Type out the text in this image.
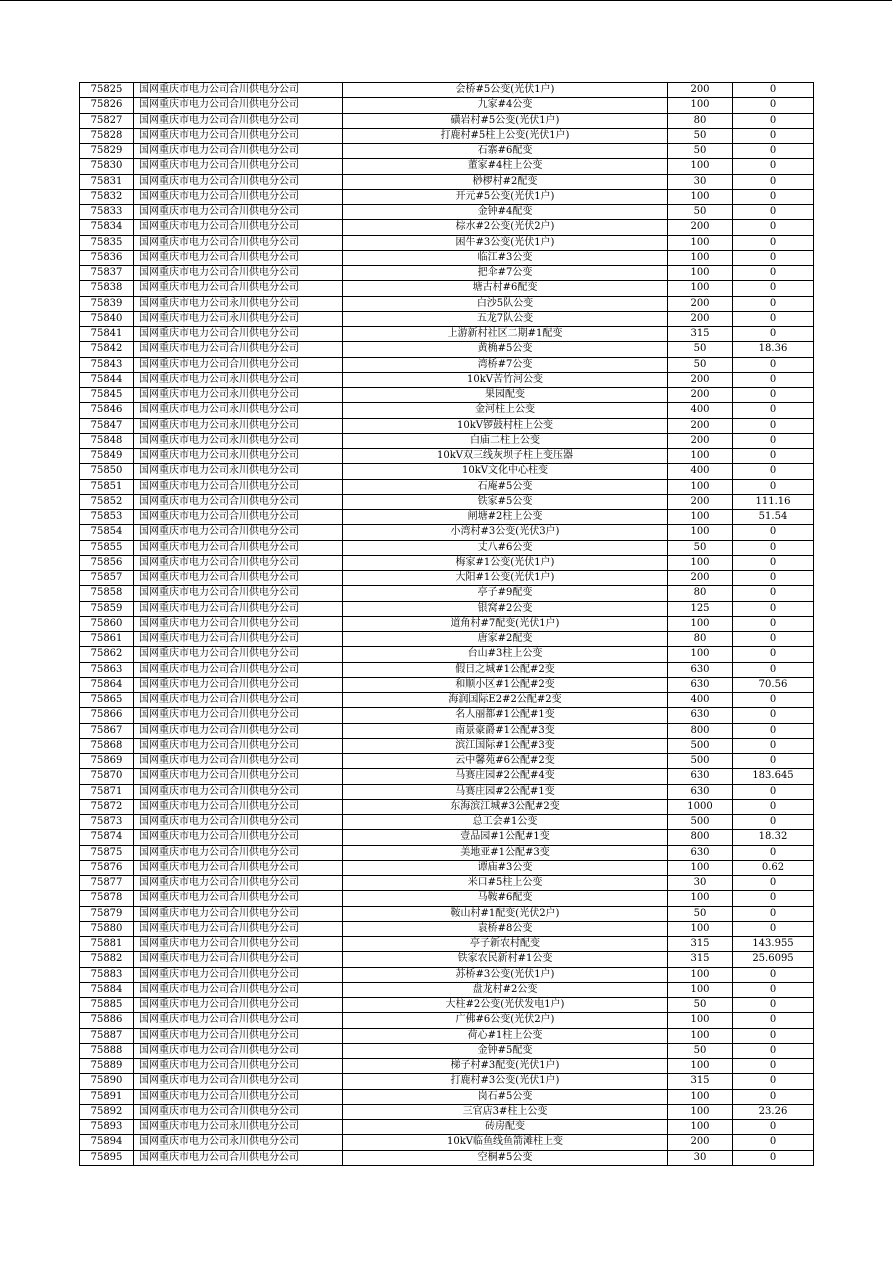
75825	国网重庆市电力公司合川供电分公司	会桥#5公变(光伏1户)	200	0
75826	国网重庆市电力公司合川供电分公司	九家#4公变	100	0
75827	国网重庆市电力公司合川供电分公司	磺岩村#5公变(光伏1户)	80	0
75828	国网重庆市电力公司合川供电分公司	打鹿村#5柱上公变(光伏1户)	50	0
75829	国网重庆市电力公司合川供电分公司	石寨#6配变	50	0
75830	国网重庆市电力公司合川供电分公司	董家#4柱上公变	100	0
75831	国网重庆市电力公司合川供电分公司	桫椤村#2配变	30	0
75832	国网重庆市电力公司合川供电分公司	开元#5公变(光伏1户)	100	0
75833	国网重庆市电力公司合川供电分公司	金钟#4配变	50	0
75834	国网重庆市电力公司合川供电分公司	棕水#2公变(光伏2户)	200	0
75835	国网重庆市电力公司合川供电分公司	困牛#3公变(光伏1户)	100	0
75836	国网重庆市电力公司合川供电分公司	临江#3公变	100	0
75837	国网重庆市电力公司合川供电分公司	把伞#7公变	100	0
75838	国网重庆市电力公司合川供电分公司	塘古村#6配变	100	0
75839	国网重庆市电力公司永川供电分公司	白沙5队公变	200	0
75840	国网重庆市电力公司永川供电分公司	五龙7队公变	200	0
75841	国网重庆市电力公司合川供电分公司	上游新村社区二期#1配变	315	0
75842	国网重庆市电力公司合川供电分公司	黄桷#5公变	50	18.36
75843	国网重庆市电力公司合川供电分公司	湾桥#7公变	50	0
75844	国网重庆市电力公司永川供电分公司	10kV苦竹河公变	200	0
75845	国网重庆市电力公司永川供电分公司	果园配变	200	0
75846	国网重庆市电力公司永川供电分公司	金河柱上公变	400	0
75847	国网重庆市电力公司永川供电分公司	10kV锣鼓村柱上公变	200	0
75848	国网重庆市电力公司永川供电分公司	白庙二柱上公变	200	0
75849	国网重庆市电力公司永川供电分公司	10kV双三线灰坝子柱上变压器	100	0
75850	国网重庆市电力公司永川供电分公司	10kV文化中心柱变	400	0
75851	国网重庆市电力公司合川供电分公司	石庵#5公变	100	0
75852	国网重庆市电力公司合川供电分公司	铁家#5公变	200	111.16
75853	国网重庆市电力公司合川供电分公司	闸塘#2柱上公变	100	51.54
75854	国网重庆市电力公司合川供电分公司	小湾村#3公变(光伏3户)	100	0
75855	国网重庆市电力公司合川供电分公司	丈八#6公变	50	0
75856	国网重庆市电力公司合川供电分公司	梅家#1公变(光伏1户)	100	0
75857	国网重庆市电力公司合川供电分公司	大阳#1公变(光伏1户)	200	0
75858	国网重庆市电力公司合川供电分公司	亭子#9配变	80	0
75859	国网重庆市电力公司合川供电分公司	银窝#2公变	125	0
75860	国网重庆市电力公司合川供电分公司	道角村#7配变(光伏1户)	100	0
75861	国网重庆市电力公司合川供电分公司	唐家#2配变	80	0
75862	国网重庆市电力公司合川供电分公司	台山#3柱上公变	100	0
75863	国网重庆市电力公司合川供电分公司	假日之城#1公配#2变	630	0
75864	国网重庆市电力公司合川供电分公司	和顺小区#1公配#2变	630	70.56
75865	国网重庆市电力公司合川供电分公司	海润国际E2#2公配#2变	400	0
75866	国网重庆市电力公司合川供电分公司	名人丽都#1公配#1变	630	0
75867	国网重庆市电力公司合川供电分公司	南景豪爵#1公配#3变	800	0
75868	国网重庆市电力公司合川供电分公司	滨江国际#1公配#3变	500	0
75869	国网重庆市电力公司合川供电分公司	云中馨苑#6公配#2变	500	0
75870	国网重庆市电力公司合川供电分公司	马赛庄园#2公配#4变	630	183.645
75871	国网重庆市电力公司合川供电分公司	马赛庄园#2公配#1变	630	0
75872	国网重庆市电力公司合川供电分公司	东海滨江城#3公配#2变	1000	0
75873	国网重庆市电力公司合川供电分公司	总工会#1公变	500	0
75874	国网重庆市电力公司合川供电分公司	壹品园#1公配#1变	800	18.32
75875	国网重庆市电力公司合川供电分公司	美地亚#1公配#3变	630	0
75876	国网重庆市电力公司合川供电分公司	谭庙#3公变	100	0.62
75877	国网重庆市电力公司合川供电分公司	米口#5柱上公变	30	0
75878	国网重庆市电力公司合川供电分公司	马鞍#6配变	100	0
75879	国网重庆市电力公司合川供电分公司	鞍山村#1配变(光伏2户)	50	0
75880	国网重庆市电力公司合川供电分公司	袁桥#8公变	100	0
75881	国网重庆市电力公司合川供电分公司	亭子新农村配变	315	143.955
75882	国网重庆市电力公司合川供电分公司	铁家农民新村#1公变	315	25.6095
75883	国网重庆市电力公司合川供电分公司	苏桥#3公变(光伏1户)	100	0
75884	国网重庆市电力公司合川供电分公司	盘龙村#2公变	100	0
75885	国网重庆市电力公司合川供电分公司	大柱#2公变(光伏发电1户)	50	0
75886	国网重庆市电力公司合川供电分公司	广佛#6公变(光伏2户)	100	0
75887	国网重庆市电力公司合川供电分公司	荷心#1柱上公变	100	0
75888	国网重庆市电力公司合川供电分公司	金钟#5配变	50	0
75889	国网重庆市电力公司合川供电分公司	梯子村#3配变(光伏1户)	100	0
75890	国网重庆市电力公司合川供电分公司	打鹿村#3公变(光伏1户)	315	0
75891	国网重庆市电力公司合川供电分公司	岗石#5公变	100	0
75892	国网重庆市电力公司合川供电分公司	三官店3#柱上公变	100	23.26
75893	国网重庆市电力公司永川供电分公司	砖房配变	100	0
75894	国网重庆市电力公司永川供电分公司	10kV临鱼线鱼箭滩柱上变	200	0
75895	国网重庆市电力公司合川供电分公司	空桐#5公变	30	0
